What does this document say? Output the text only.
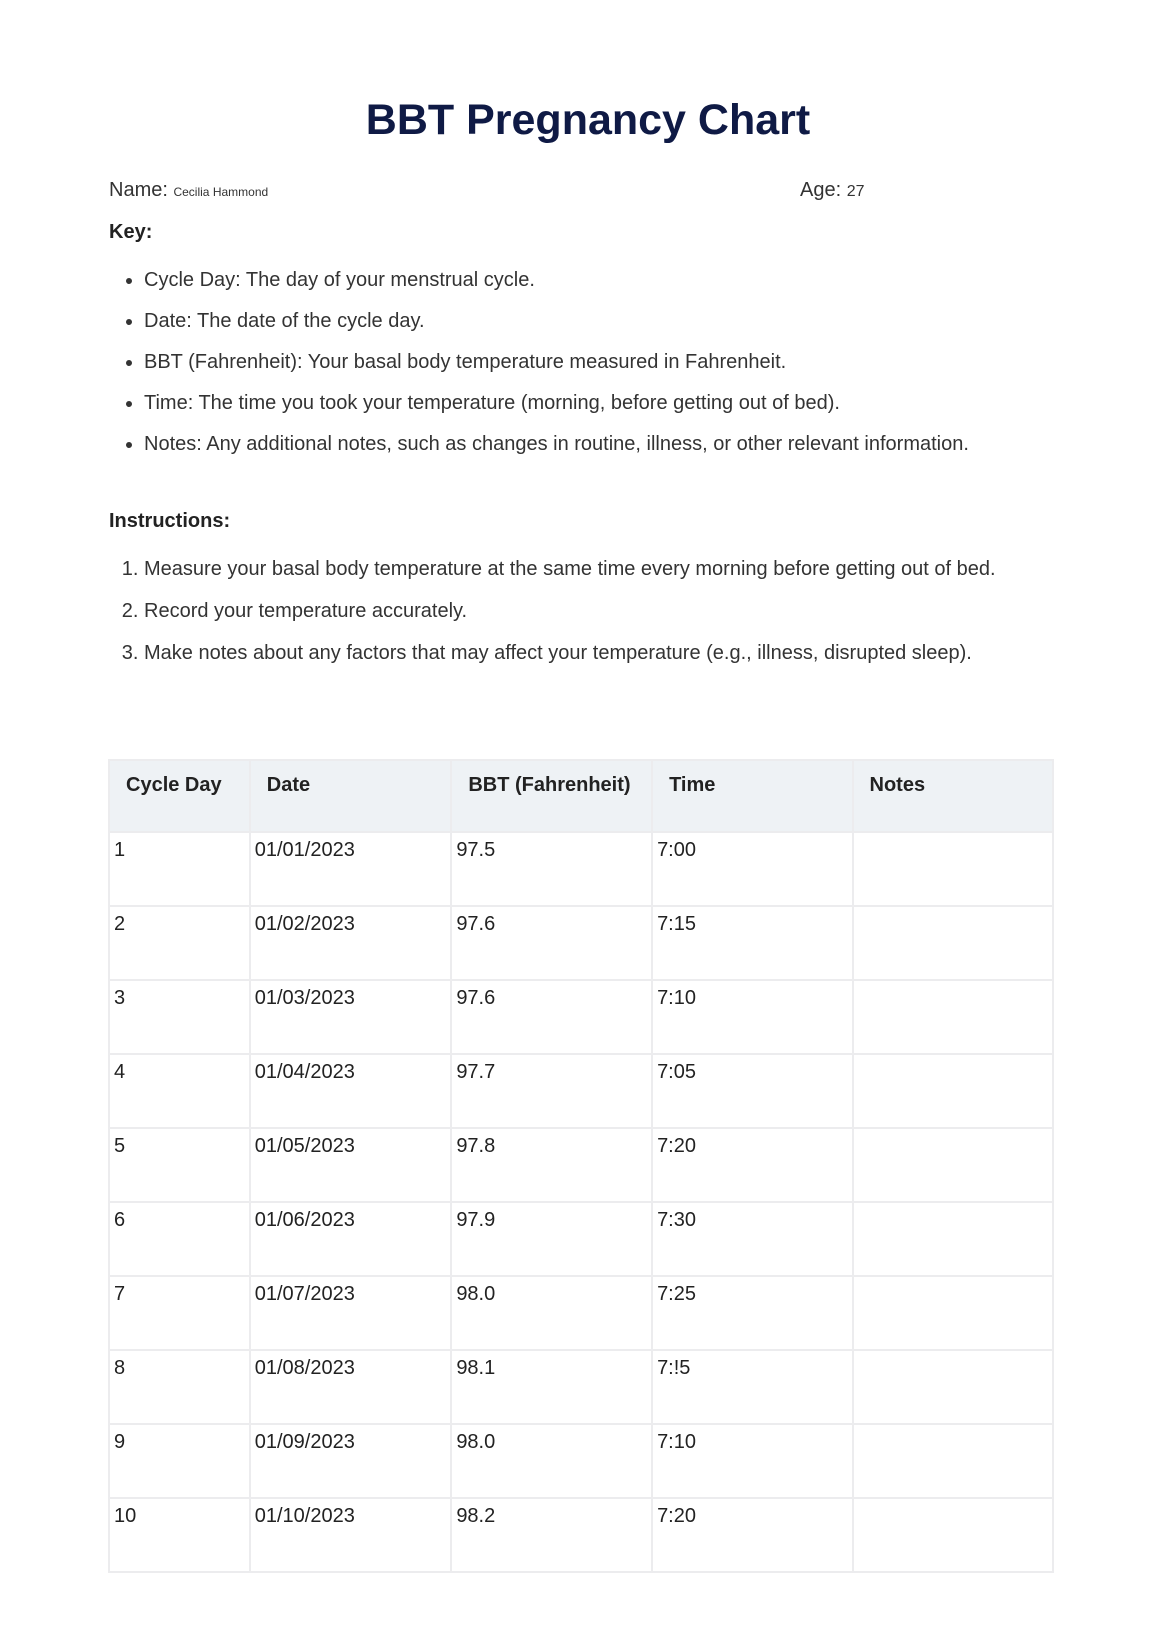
BBT Pregnancy Chart
Name: Cecilia Hammond	Age: 27
Key:
• Cycle Day: The day of your menstrual cycle.
• Date: The date of the cycle day.
• BBT (Fahrenheit): Your basal body temperature measured in Fahrenheit.
• Time: The time you took your temperature (morning, before getting out of bed).
• Notes: Any additional notes, such as changes in routine, illness, or other relevant information.
Instructions:
1. Measure your basal body temperature at the same time every morning before getting out of bed.
2. Record your temperature accurately.
3. Make notes about any factors that may affect your temperature (e.g., illness, disrupted sleep).
Cycle Day	Date	BBT (Fahrenheit)	Time	Notes
1	01/01/2023	97.5	7:00	
2	01/02/2023	97.6	7:15	
3	01/03/2023	97.6	7:10	
4	01/04/2023	97.7	7:05	
5	01/05/2023	97.8	7:20	
6	01/06/2023	97.9	7:30	
7	01/07/2023	98.0	7:25	
8	01/08/2023	98.1	7:!5	
9	01/09/2023	98.0	7:10	
10	01/10/2023	98.2	7:20	
